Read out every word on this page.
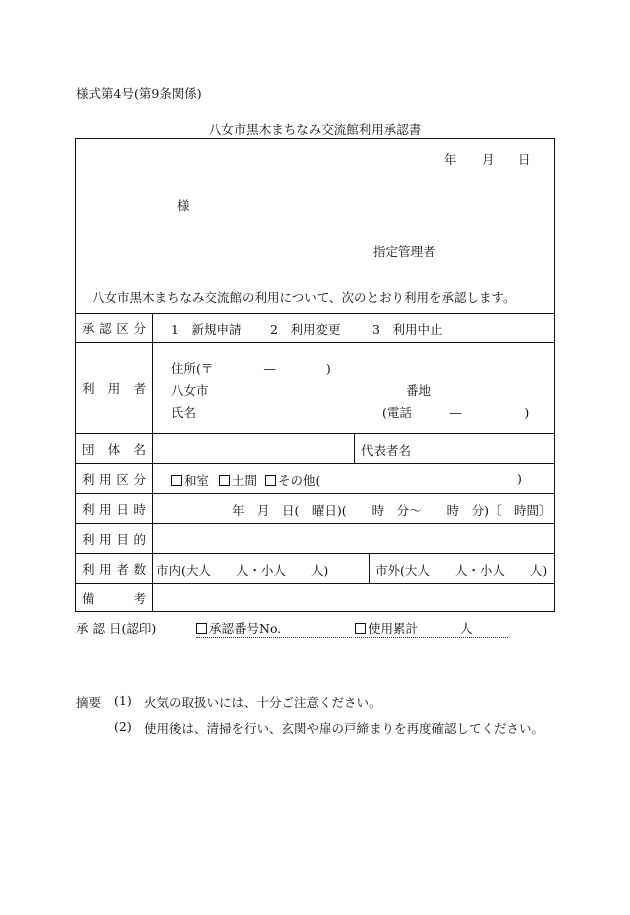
様式第4号(第9条関係)
八女市黒木まちなみ交流館利用承認書
年 月 日
様
指定管理者
八女市黒木まちなみ交流館の利用について、次のとおり利用を承認します。
承認区分	1　新規申請 2　利用変更	3　利用中止
利用者
住所(〒　　　　—　　　　)
八女市	番地
氏名	(電話　　　—　　　　　)
団体名	代表者名
利用区分	和室	土間	その他(	)
利用日時	年　月　日(　曜日)(　　時　分〜　　時　分)〔　時間〕
利用目的
利用者数 市内(大人　　人・小人　　人)	市外(大人　　人・小人　　人)
備考
承 認 日(認印)	承認番号No.	使用累計	人
摘要 (1) 火気の取扱いには、十分ご注意ください。
(2) 使用後は、清掃を行い、玄関や扉の戸締まりを再度確認してください。
